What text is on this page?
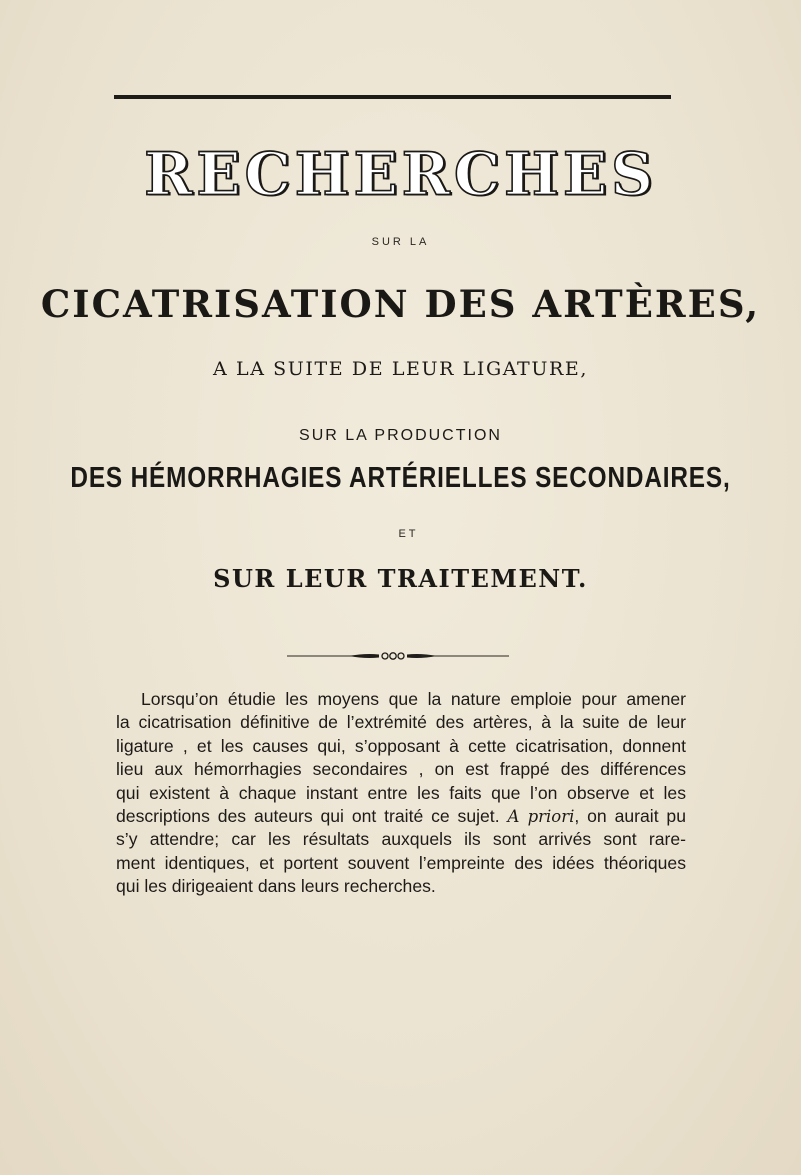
RECHERCHES
SUR LA
CICATRISATION DES ARTÈRES,
A LA SUITE DE LEUR LIGATURE,
SUR LA PRODUCTION
DES HÉMORRHAGIES ARTÉRIELLES SECONDAIRES,
ET
SUR LEUR TRAITEMENT.
Lorsqu’on étudie les moyens que la nature emploie pour amener
la cicatrisation définitive de l’extrémité des artères, à la suite de leur
ligature , et les causes qui, s’opposant à cette cicatrisation, donnent
lieu aux hémorrhagies secondaires , on est frappé des différences
qui existent à chaque instant entre les faits que l’on observe et les
descriptions des auteurs qui ont traité ce sujet. A priori, on aurait pu
s’y attendre; car les résultats auxquels ils sont arrivés sont rare-
ment identiques, et portent souvent l’empreinte des idées théoriques
qui les dirigeaient dans leurs recherches.
